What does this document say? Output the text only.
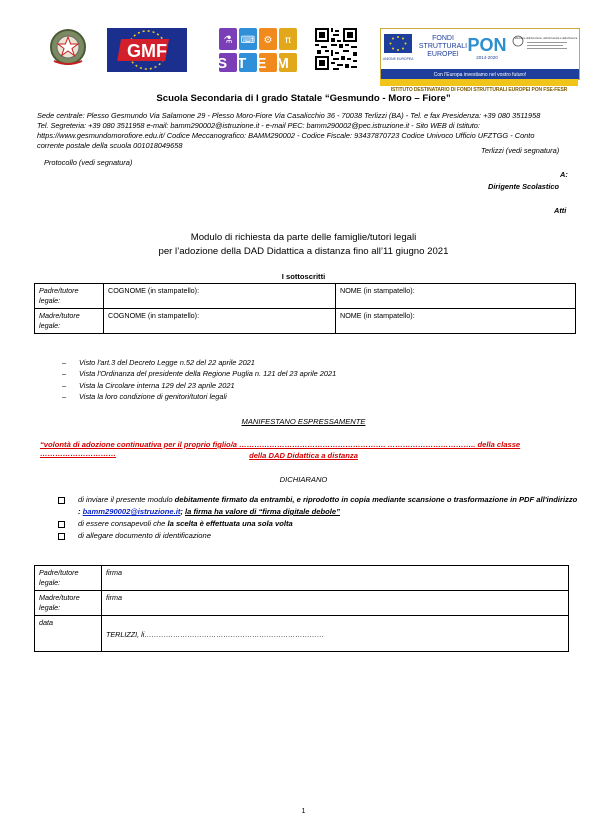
GMF
⚗ ⌨ ⚙ π
STEM	UNIONE EUROPEA
FONDI
STRUTTURALI
EUROPEI PON
2014-2020
Ministero dell'Istruzione, dell'Università e della Ricerca
Con l'Europa investiamo nel vostro futuro!
ISTITUTO DESTINATARIO DI FONDI STRUTTURALI EUROPEI PON FSE-FESR
Scuola Secondaria di I grado Statale “Gesmundo - Moro – Fiore”
Sede centrale: Plesso Gesmundo Via Salamone 29 - Plesso Moro-Fiore Via Casalicchio 36 - 70038 Terlizzi (BA) - Tel. e fax Presidenza: +39 080 3511958
Tel. Segreteria: +39 080 3511958 e-mail: bamm290002@istruzione.it - e-mail PEC: bamm290002@pec.istruzione.it - Sito WEB di Istituto:
https://www.gesmundomorofiore.edu.it/ Codice Meccanografico: BAMM290002 - Codice Fiscale: 93437870723 Codice Univoco Ufficio UFZTGG - Conto
corrente postale della scuola 001018049658
Terlizzi (vedi segnatura)
Protocollo (vedi segnatura)
A:
Dirigente Scolastico
Atti
Modulo di richiesta da parte delle famiglie/tutori legali
per l’adozione della DAD Didattica a distanza fino all’11 giugno 2021
I sottoscritti
Padre/tutore legale:	COGNOME (in stampatello):	NOME (in stampatello):
Madre/tutore legale:	COGNOME (in stampatello):	NOME (in stampatello):
– Visto l'art.3 del Decreto Legge n.52 del 22 aprile 2021
– Vista l'Ordinanza del presidente della Regione Puglia n. 121 del 23 aprile 2021
– Vista la Circolare interna 129 del 23 aprile 2021
– Vista la loro condizione di genitori/tutori legali
MANIFESTANO ESPRESSAMENTE
“volontà di adozione continuativa per il proprio figlio/a …………………………………………………. …………………………….. della classe …………………………	della DAD Didattica a distanza
DICHIARANO
di inviare il presente modulo debitamente firmato da entrambi, e riprodotto in copia mediante scansione o trasformazione in PDF all'indirizzo : bamm290002@istruzione.it; la firma ha valore di “firma digitale debole”
di essere consapevoli che la scelta è effettuata una sola volta
di allegare documento di identificazione
Padre/tutore legale:	firma
Madre/tutore legale:	firma
data	TERLIZZI, li…………………………………………………………………
1
